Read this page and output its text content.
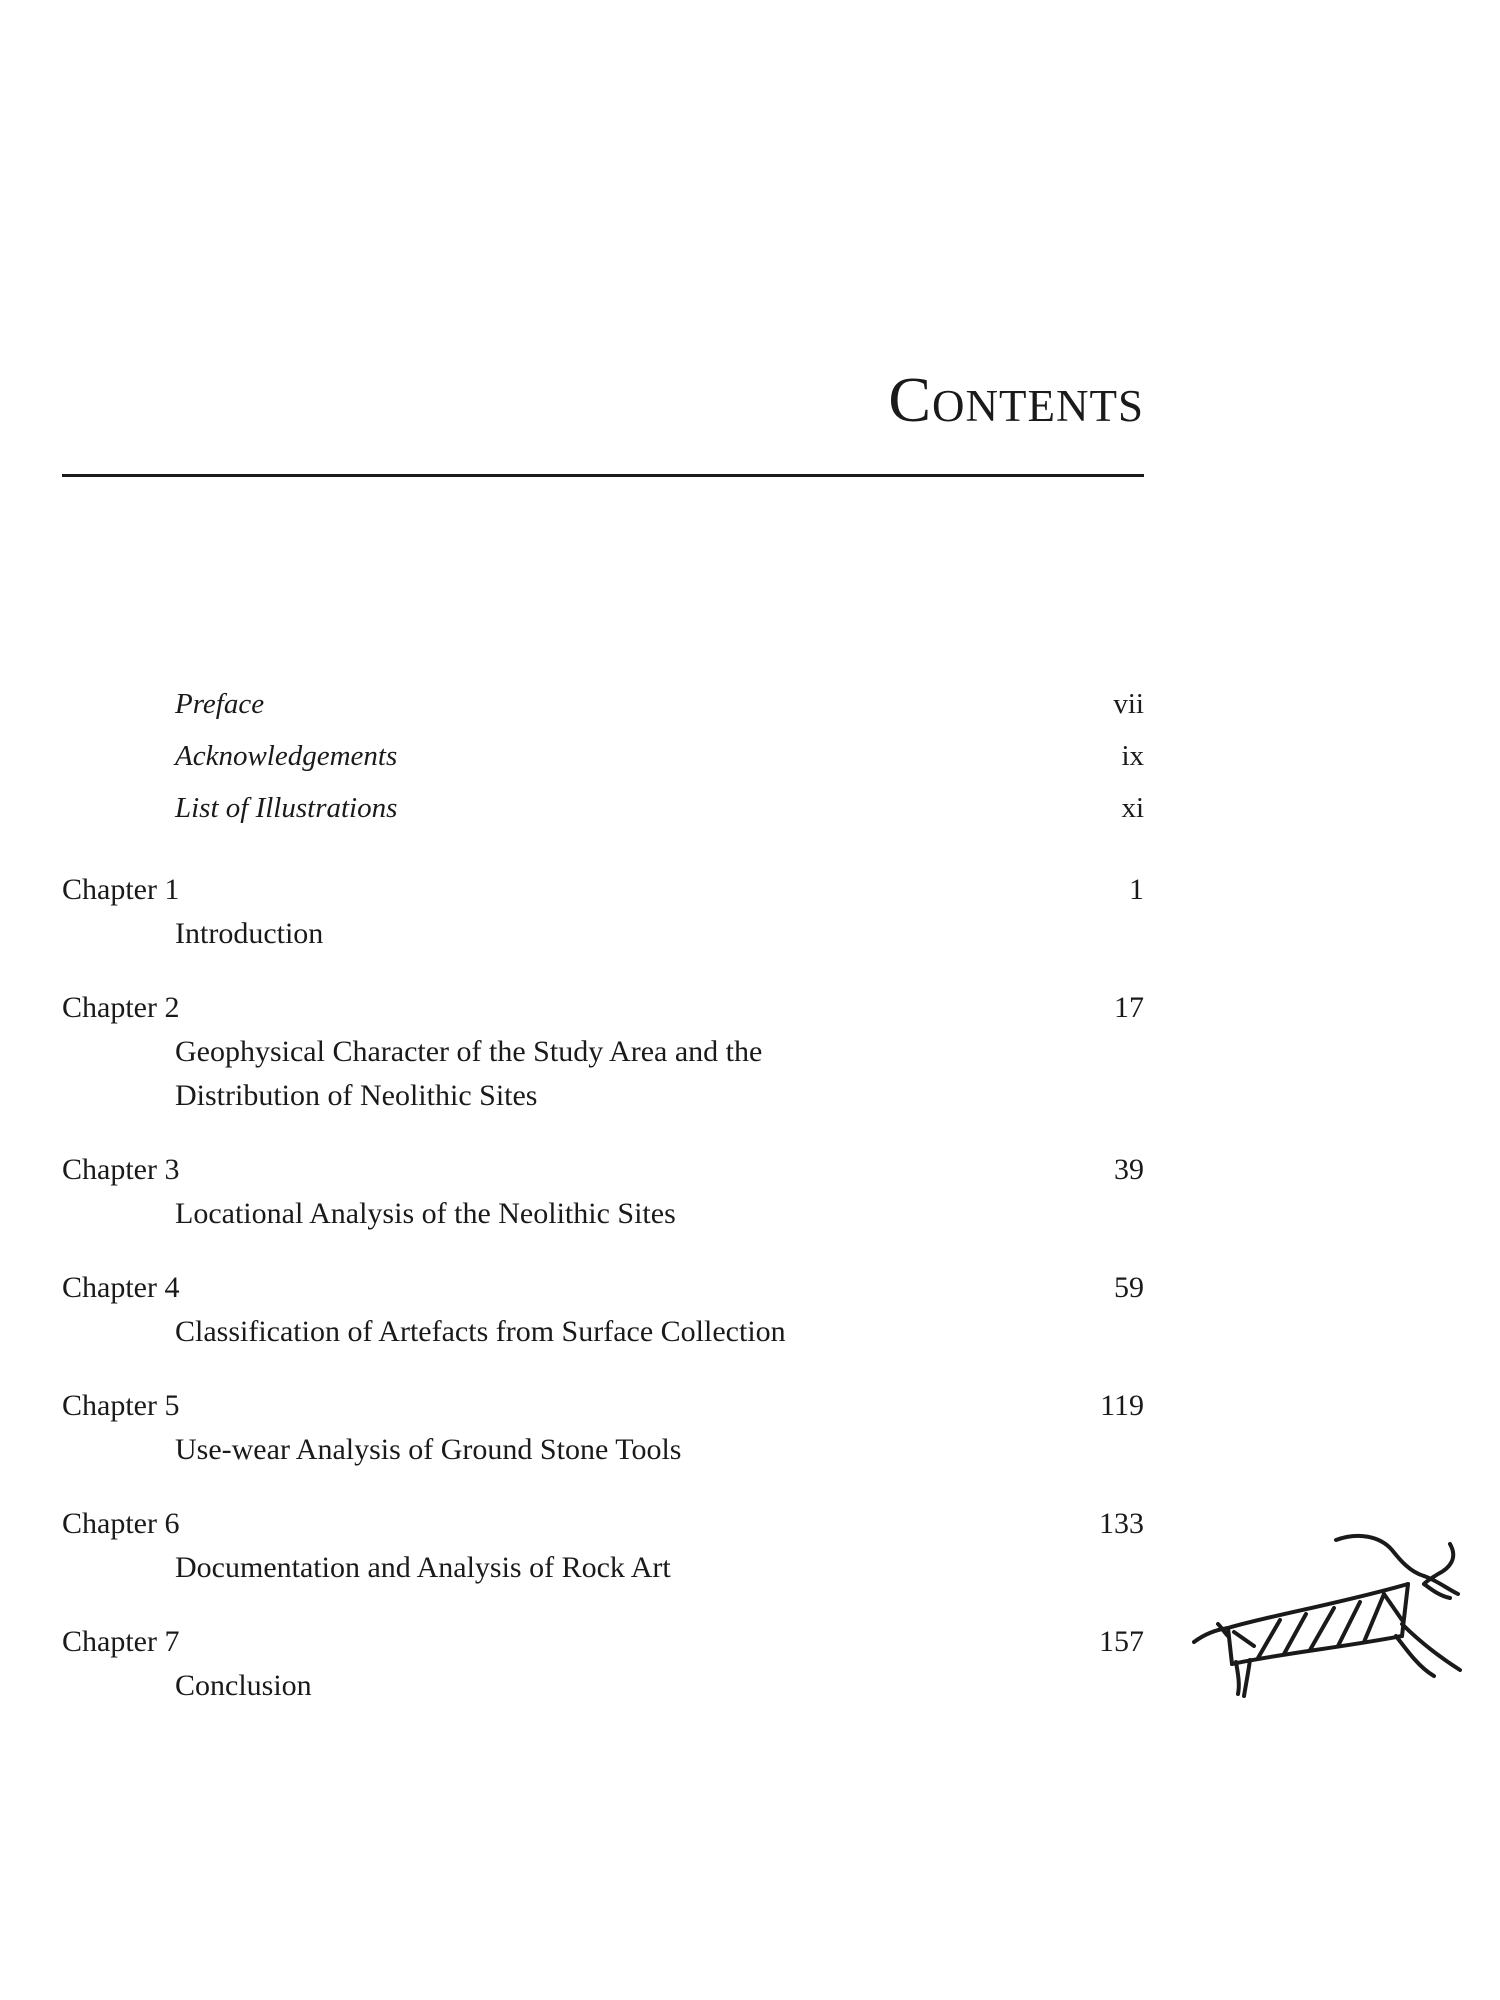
Contents
Preface	vii
Acknowledgements	ix
List of Illustrations	xi
Chapter 1	1
Introduction
Chapter 2	17
Geophysical Character of the Study Area and the Distribution of Neolithic Sites
Chapter 3	39
Locational Analysis of the Neolithic Sites
Chapter 4	59
Classification of Artefacts from Surface Collection
Chapter 5	119
Use-wear Analysis of Ground Stone Tools
Chapter 6	133
Documentation and Analysis of Rock Art
Chapter 7	157
Conclusion
